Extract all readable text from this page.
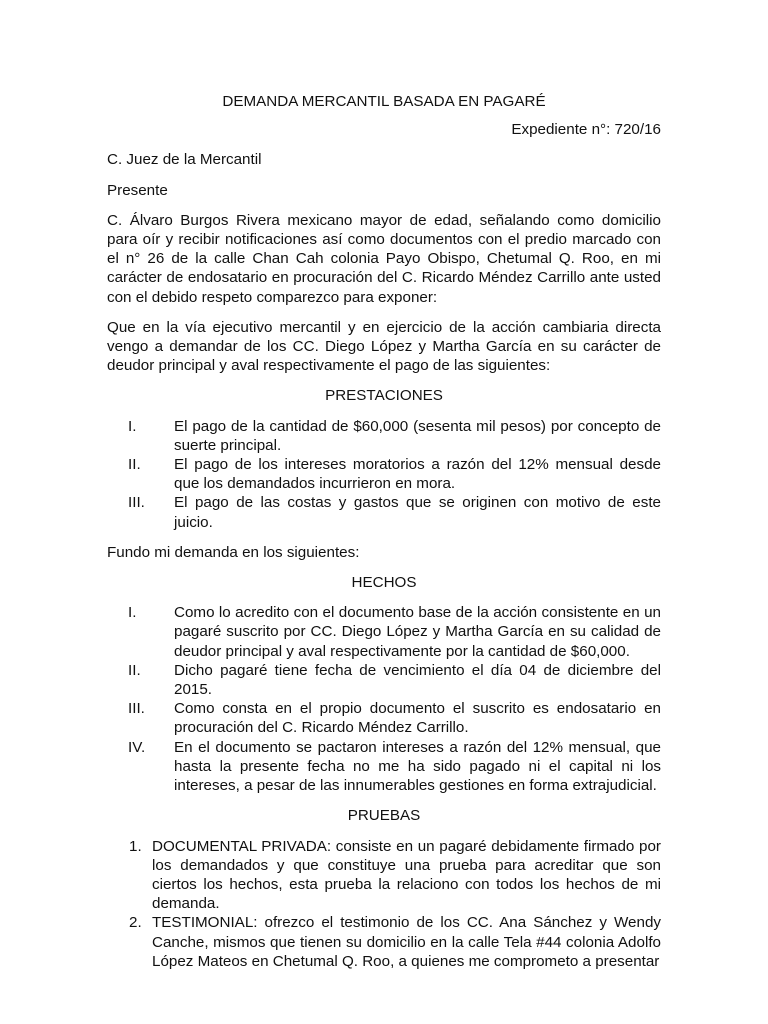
DEMANDA MERCANTIL BASADA EN PAGARÉ

Expediente n°: 720/16

C. Juez de la Mercantil

Presente

C. Álvaro Burgos Rivera mexicano mayor de edad, señalando como domicilio para oír y recibir notificaciones así como documentos con el predio marcado con el n° 26 de la calle Chan Cah colonia Payo Obispo, Chetumal Q. Roo, en mi carácter de endosatario en procuración del C. Ricardo Méndez Carrillo ante usted con el debido respeto comparezco para exponer:

Que en la vía ejecutivo mercantil y en ejercicio de la acción cambiaria directa vengo a demandar de los CC. Diego López y Martha García en su carácter de deudor principal y aval respectivamente el pago de las siguientes:

PRESTACIONES

I.	El pago de la cantidad de $60,000 (sesenta mil pesos) por concepto de suerte principal.
II.	El pago de los intereses moratorios a razón del 12% mensual desde que los demandados incurrieron en mora.
III.	El pago de las costas y gastos que se originen con motivo de este juicio.

Fundo mi demanda en los siguientes:

HECHOS

I.	Como lo acredito con el documento base de la acción consistente en un pagaré suscrito por CC. Diego López y Martha García en su calidad de deudor principal y aval respectivamente por la cantidad de $60,000.
II.	Dicho pagaré tiene fecha de vencimiento el día 04 de diciembre del 2015.
III.	Como consta en el propio documento el suscrito es endosatario en procuración del C. Ricardo Méndez Carrillo.
IV.	En el documento se pactaron intereses a razón del 12% mensual, que hasta la presente fecha no me ha sido pagado ni el capital ni los intereses, a pesar de las innumerables gestiones en forma extrajudicial.

PRUEBAS

1. DOCUMENTAL PRIVADA: consiste en un pagaré debidamente firmado por los demandados y que constituye una prueba para acreditar que son ciertos los hechos, esta prueba la relaciono con todos los hechos de mi demanda.
2. TESTIMONIAL: ofrezco el testimonio de los CC. Ana Sánchez y Wendy Canche, mismos que tienen su domicilio en la calle Tela #44 colonia Adolfo López Mateos en Chetumal Q. Roo, a quienes me comprometo a presentar
